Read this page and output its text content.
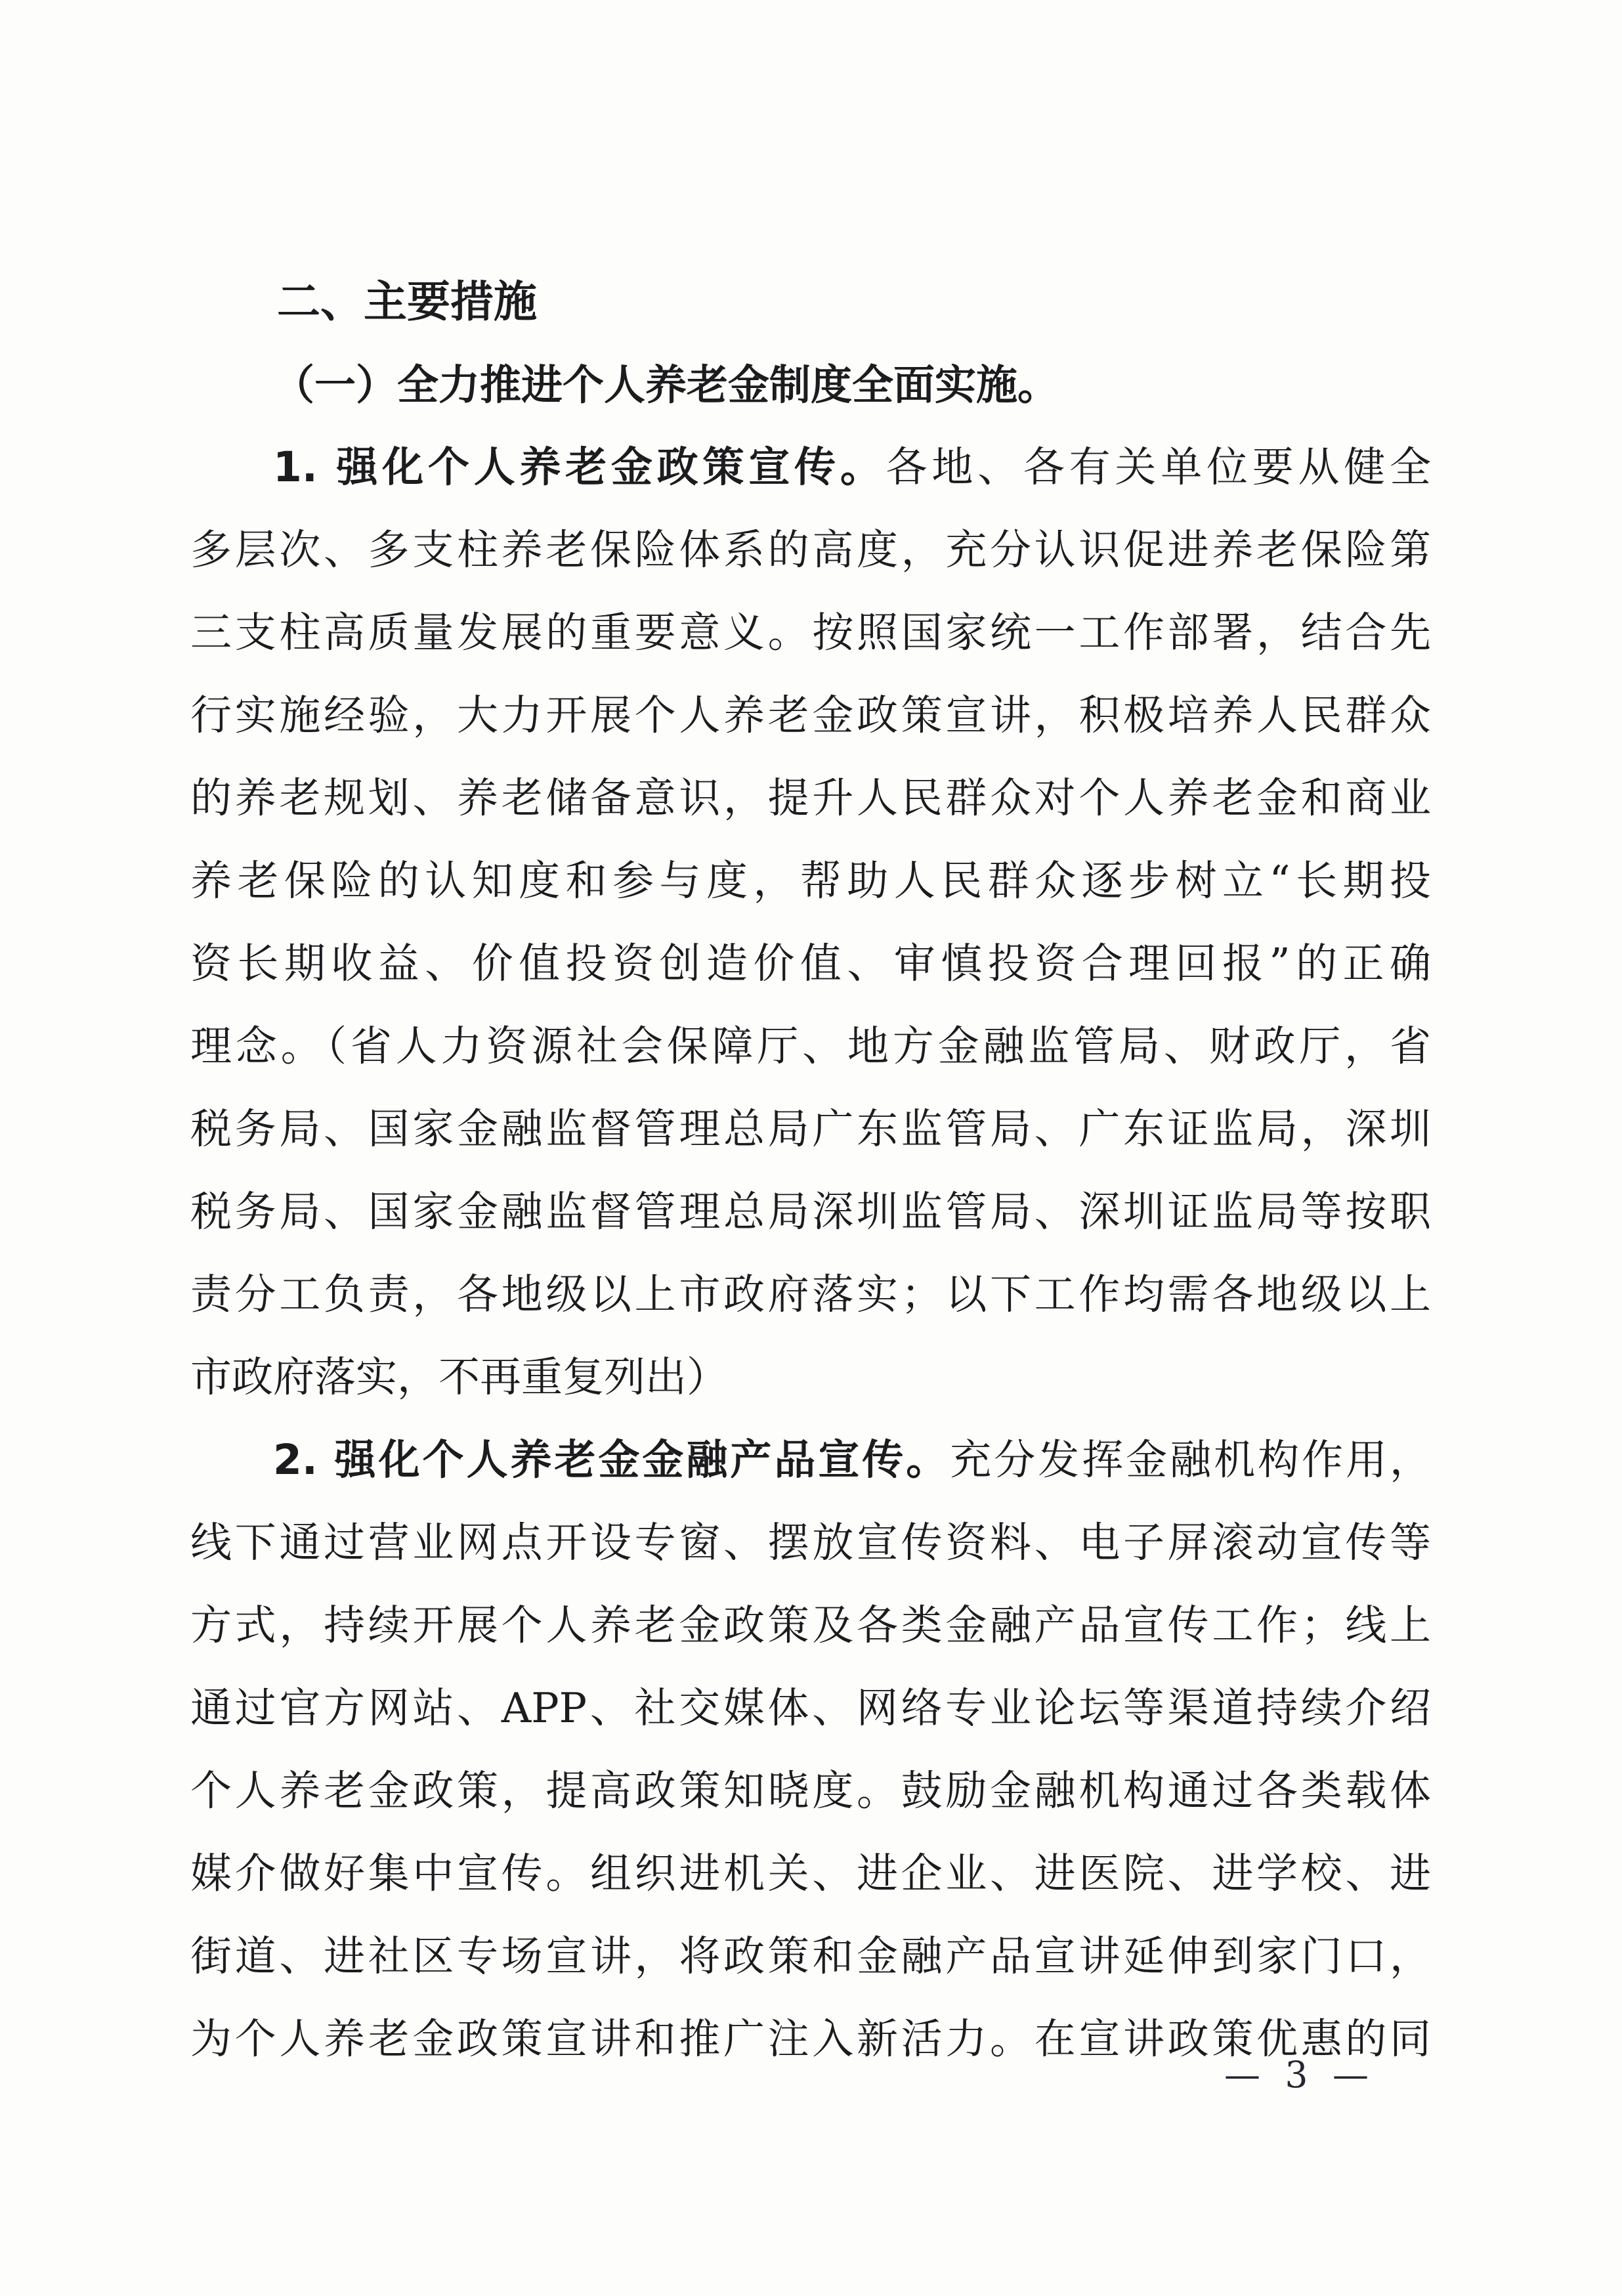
二、主要措施
（一）全力推进个人养老金制度全面实施。
1. 强化个人养老金政策宣传。各地、各有关单位要从健全
多层次、多支柱养老保险体系的高度，充分认识促进养老保险第
三支柱高质量发展的重要意义。按照国家统一工作部署，结合先
行实施经验，大力开展个人养老金政策宣讲，积极培养人民群众
的养老规划、养老储备意识，提升人民群众对个人养老金和商业
养老保险的认知度和参与度，帮助人民群众逐步树立“长期投
资长期收益、价值投资创造价值、审慎投资合理回报”的正确
理念。（省人力资源社会保障厅、地方金融监管局、财政厅，省
税务局、国家金融监督管理总局广东监管局、广东证监局，深圳
税务局、国家金融监督管理总局深圳监管局、深圳证监局等按职
责分工负责，各地级以上市政府落实；以下工作均需各地级以上
市政府落实，不再重复列出）
2. 强化个人养老金金融产品宣传。充分发挥金融机构作用，
线下通过营业网点开设专窗、摆放宣传资料、电子屏滚动宣传等
方式，持续开展个人养老金政策及各类金融产品宣传工作；线上
通过官方网站、APP、社交媒体、网络专业论坛等渠道持续介绍
个人养老金政策，提高政策知晓度。鼓励金融机构通过各类载体
媒介做好集中宣传。组织进机关、进企业、进医院、进学校、进
街道、进社区专场宣讲，将政策和金融产品宣讲延伸到家门口，
为个人养老金政策宣讲和推广注入新活力。在宣讲政策优惠的同
— 3 —
